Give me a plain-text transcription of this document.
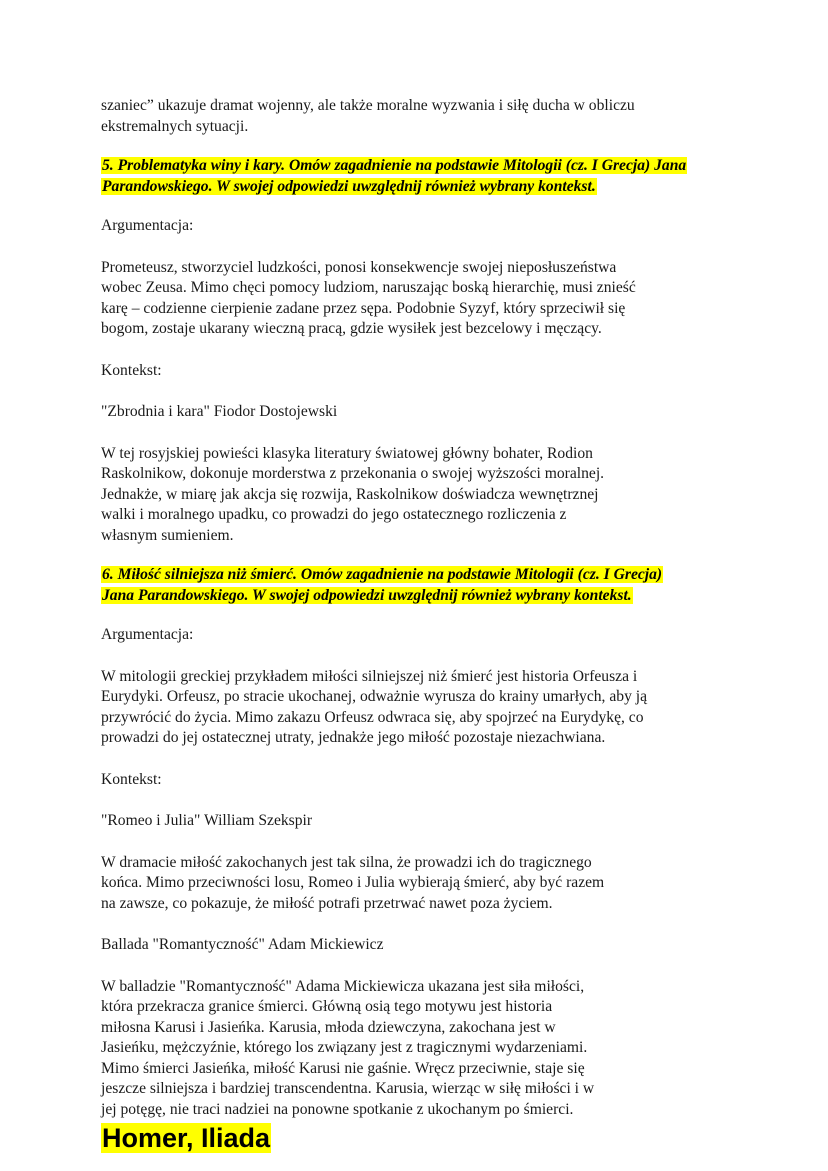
szaniec” ukazuje dramat wojenny, ale także moralne wyzwania i siłę ducha w obliczu
ekstremalnych sytuacji.

5. Problematyka winy i kary. Omów zagadnienie na podstawie Mitologii (cz. I Grecja) Jana
Parandowskiego. W swojej odpowiedzi uwzględnij również wybrany kontekst.

Argumentacja:

Prometeusz, stworzyciel ludzkości, ponosi konsekwencje swojej nieposłuszeństwa
wobec Zeusa. Mimo chęci pomocy ludziom, naruszając boską hierarchię, musi znieść
karę – codzienne cierpienie zadane przez sępa. Podobnie Syzyf, który sprzeciwił się
bogom, zostaje ukarany wieczną pracą, gdzie wysiłek jest bezcelowy i męczący.

Kontekst:

"Zbrodnia i kara" Fiodor Dostojewski

W tej rosyjskiej powieści klasyka literatury światowej główny bohater, Rodion
Raskolnikow, dokonuje morderstwa z przekonania o swojej wyższości moralnej.
Jednakże, w miarę jak akcja się rozwija, Raskolnikow doświadcza wewnętrznej
walki i moralnego upadku, co prowadzi do jego ostatecznego rozliczenia z
własnym sumieniem.

6. Miłość silniejsza niż śmierć. Omów zagadnienie na podstawie Mitologii (cz. I Grecja)
Jana Parandowskiego. W swojej odpowiedzi uwzględnij również wybrany kontekst.

Argumentacja:

W mitologii greckiej przykładem miłości silniejszej niż śmierć jest historia Orfeusza i
Eurydyki. Orfeusz, po stracie ukochanej, odważnie wyrusza do krainy umarłych, aby ją
przywrócić do życia. Mimo zakazu Orfeusz odwraca się, aby spojrzeć na Eurydykę, co
prowadzi do jej ostatecznej utraty, jednakże jego miłość pozostaje niezachwiana.

Kontekst:

"Romeo i Julia" William Szekspir

W dramacie miłość zakochanych jest tak silna, że prowadzi ich do tragicznego
końca. Mimo przeciwności losu, Romeo i Julia wybierają śmierć, aby być razem
na zawsze, co pokazuje, że miłość potrafi przetrwać nawet poza życiem.

Ballada "Romantyczność" Adam Mickiewicz

W balladzie "Romantyczność" Adama Mickiewicza ukazana jest siła miłości,
która przekracza granice śmierci. Główną osią tego motywu jest historia
miłosna Karusi i Jasieńka. Karusia, młoda dziewczyna, zakochana jest w
Jasieńku, mężczyźnie, którego los związany jest z tragicznymi wydarzeniami.
Mimo śmierci Jasieńka, miłość Karusi nie gaśnie. Wręcz przeciwnie, staje się
jeszcze silniejsza i bardziej transcendentna. Karusia, wierząc w siłę miłości i w
jej potęgę, nie traci nadziei na ponowne spotkanie z ukochanym po śmierci.

Homer, Iliada
